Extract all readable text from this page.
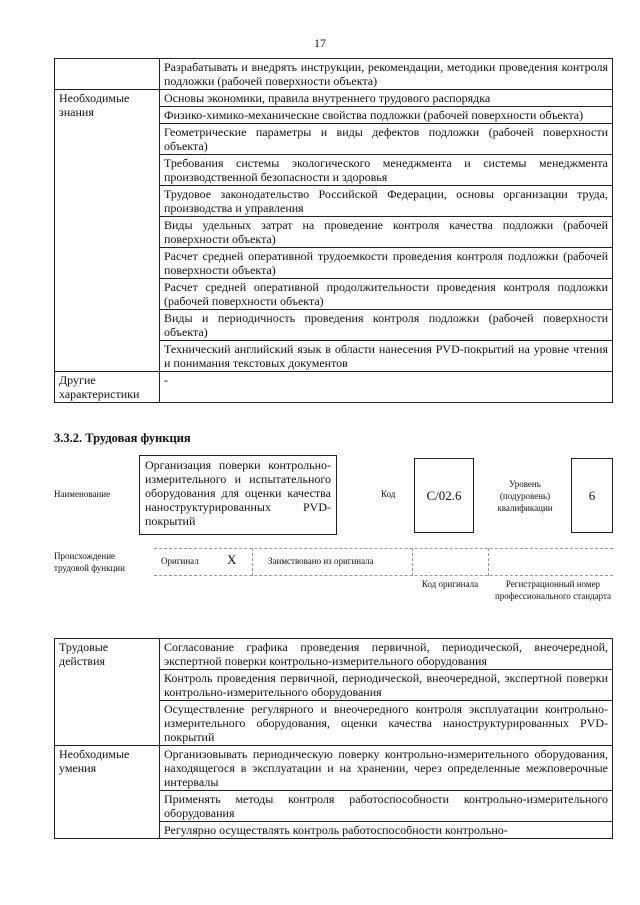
17
	Разрабатывать и внедрять инструкции, рекомендации, методики проведения контроля подложки (рабочей поверхности объекта)
Необходимые знания	Основы экономики, правила внутреннего трудового распорядка
	Физико-химико-механические свойства подложки (рабочей поверхности объекта)
	Геометрические параметры и виды дефектов подложки (рабочей поверхности объекта)
	Требования системы экологического менеджмента и системы менеджмента производственной безопасности и здоровья
	Трудовое законодательство Российской Федерации, основы организации труда, производства и управления
	Виды удельных затрат на проведение контроля качества подложки (рабочей поверхности объекта)
	Расчет средней оперативной трудоемкости проведения контроля подложки (рабочей поверхности объекта)
	Расчет средней оперативной продолжительности проведения контроля подложки (рабочей поверхности объекта)
	Виды и периодичность проведения контроля подложки (рабочей поверхности объекта)
	Технический английский язык в области нанесения PVD-покрытий на уровне чтения и понимания текстовых документов
Другие характеристики	-
3.3.2. Трудовая функция
Наименование
Организация поверки контрольно-измерительного и испытательного оборудования для оценки качества наноструктурированных PVD-покрытий
Код	C/02.6
Уровень (подуровень) квалификации
6
Происхождение трудовой функции
Оригинал X	Заимствовано из оригинала
Код оригинала	Регистрационный номер профессионального стандарта
Трудовые действия	Согласование графика проведения первичной, периодической, внеочередной, экспертной поверки контрольно-измерительного оборудования
	Контроль проведения первичной, периодической, внеочередной, экспертной поверки контрольно-измерительного оборудования
	Осуществление регулярного и внеочередного контроля эксплуатации контрольно-измерительного оборудования, оценки качества наноструктурированных PVD-покрытий
Необходимые умения	Организовывать периодическую поверку контрольно-измерительного оборудования, находящегося в эксплуатации и на хранении, через определенные межповерочные интервалы
	Применять методы контроля работоспособности контрольно-измерительного оборудования
	Регулярно осуществлять контроль работоспособности контрольно-
